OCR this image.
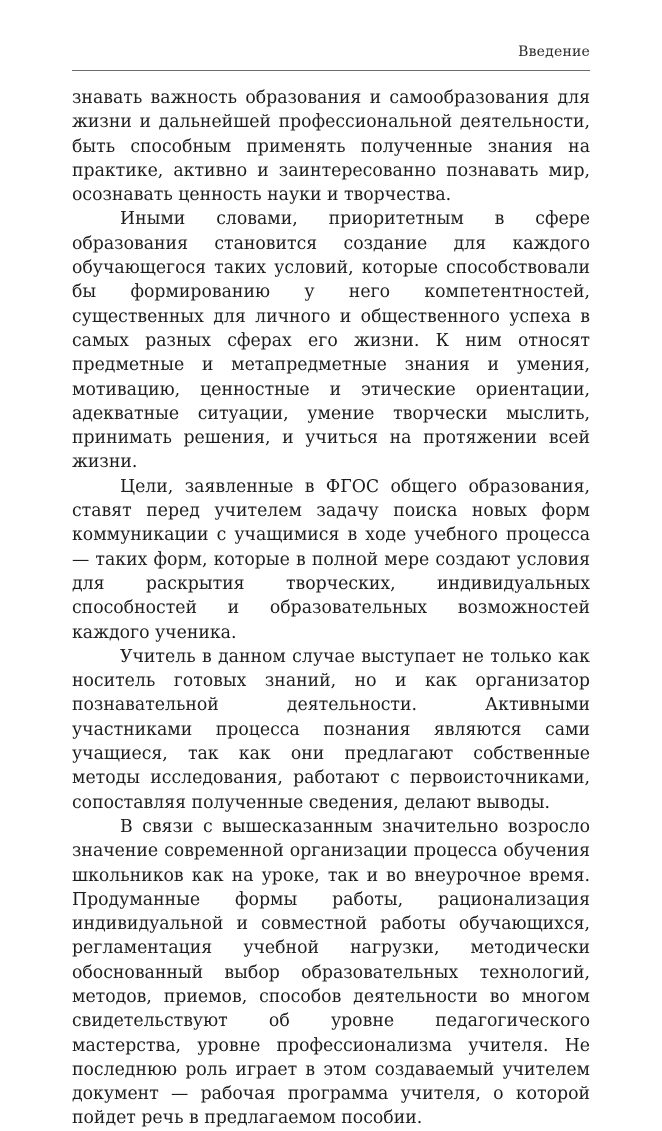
Введение

знавать важность образования и самообразования для жизни и дальнейшей профессиональной деятельности, быть способным применять полученные знания на практике, активно и заинтересованно познавать мир, осознавать ценность науки и творчества.

Иными словами, приоритетным в сфере образования становится создание для каждого обучающегося таких условий, которые способствовали бы формированию у него компетентностей, существенных для личного и общественного успеха в самых разных сферах его жизни. К ним относят предметные и метапредметные знания и умения, мотивацию, ценностные и этические ориентации, адекватные ситуации, умение творчески мыслить, принимать решения, и учиться на протяжении всей жизни.

Цели, заявленные в ФГОС общего образования, ставят перед учителем задачу поиска новых форм коммуникации с учащимися в ходе учебного процесса — таких форм, которые в полной мере создают условия для раскрытия творческих, индивидуальных способностей и образовательных возможностей каждого ученика.

Учитель в данном случае выступает не только как носитель готовых знаний, но и как организатор познавательной деятельности. Активными участниками процесса познания являются сами учащиеся, так как они предлагают собственные методы исследования, работают с первоисточниками, сопоставляя полученные сведения, делают выводы.

В связи с вышесказанным значительно возросло значение современной организации процесса обучения школьников как на уроке, так и во внеурочное время. Продуманные формы работы, рационализация индивидуальной и совместной работы обучающихся, регламентация учебной нагрузки, методически обоснованный выбор образовательных технологий, методов, приемов, способов деятельности во многом свидетельствуют об уровне педагогического мастерства, уровне профессионализма учителя. Не последнюю роль играет в этом создаваемый учителем документ — рабочая программа учителя, о которой пойдет речь в предлагаемом пособии.
